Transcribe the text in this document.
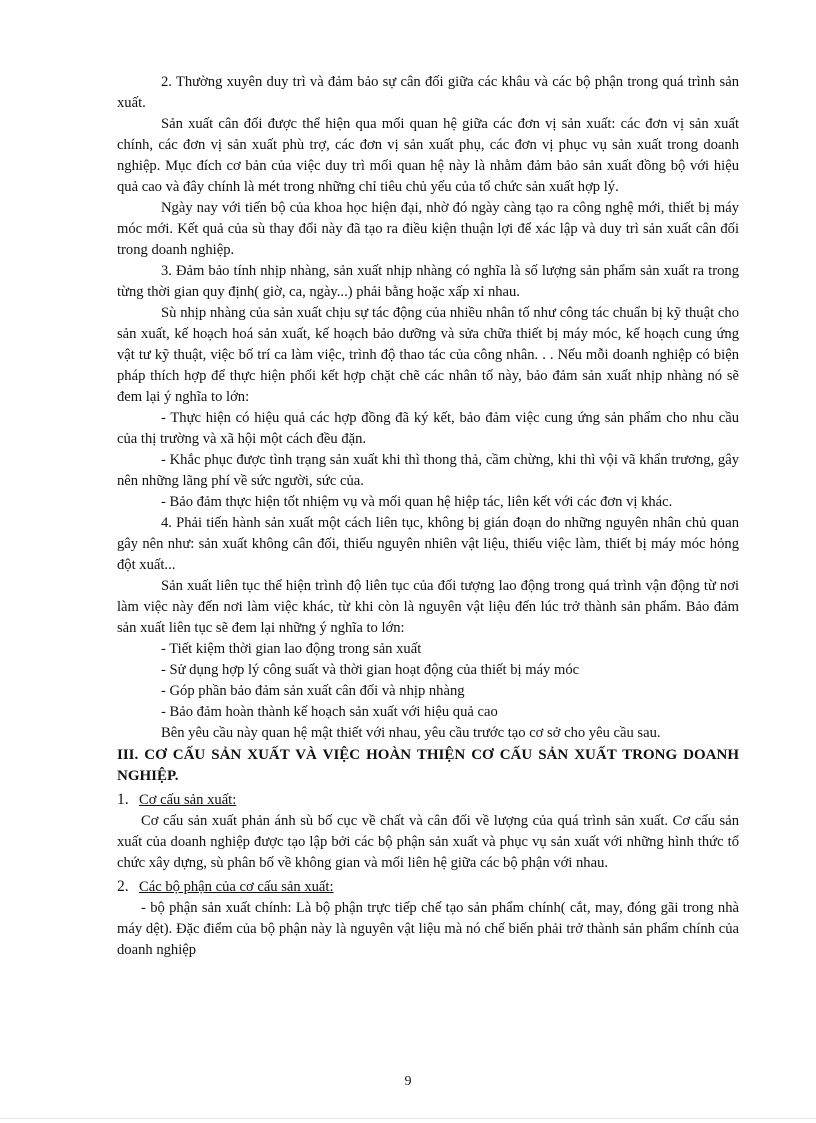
2. Thường xuyên duy trì và đảm bảo sự cân đối giữa các khâu và các bộ phận trong quá trình sản xuất.

Sản xuất cân đối được thể hiện qua mối quan hệ giữa các đơn vị sản xuất: các đơn vị sản xuất chính, các đơn vị sản xuất phù trợ, các đơn vị sản xuất phụ, các đơn vị phục vụ sản xuất trong doanh nghiệp. Mục đích cơ bản của việc duy trì mối quan hệ này là nhằm đảm bảo sản xuất đồng bộ với hiệu quả cao và đây chính là mét trong những chỉ tiêu chủ yếu của tổ chức sản xuất hợp lý.

Ngày nay với tiến bộ của khoa học hiện đại, nhờ đó ngày càng tạo ra công nghệ mới, thiết bị máy móc mới. Kết quả của sù thay đổi này đã tạo ra điều kiện thuận lợi để xác lập và duy trì sản xuất cân đối trong doanh nghiệp.

3. Đảm bảo tính nhịp nhàng, sản xuất nhịp nhàng có nghĩa là số lượng sản phẩm sản xuất ra trong từng thời gian quy định( giờ, ca, ngày...) phải bằng hoặc xấp xỉ nhau.

Sù nhịp nhàng của sản xuất chịu sự tác động của nhiều nhân tố như công tác chuẩn bị kỹ thuật cho sản xuất, kế hoạch hoá sản xuất, kế hoạch bảo dưỡng và sửa chữa thiết bị máy móc, kế hoạch cung ứng vật tư kỹ thuật, việc bố trí ca làm việc, trình độ thao tác của công nhân. . . Nếu mỗi doanh nghiệp có biện pháp thích hợp để thực hiện phối kết hợp chặt chẽ các nhân tố này, bảo đảm sản xuất nhịp nhàng nó sẽ đem lại ý nghĩa to lớn:

- Thực hiện có hiệu quả các hợp đồng đã ký kết, bảo đảm việc cung ứng sản phẩm cho nhu cầu của thị trường và xã hội một cách đều đặn.

- Khắc phục được tình trạng sản xuất khi thì thong thả, cầm chừng, khi thì vội vã khẩn trương, gây nên những lãng phí về sức người, sức của.

- Bảo đảm thực hiện tốt nhiệm vụ và mối quan hệ hiệp tác, liên kết với các đơn vị khác.

4. Phải tiến hành sản xuất một cách liên tục, không bị gián đoạn do những nguyên nhân chủ quan gây nên như: sản xuất không cân đối, thiếu nguyên nhiên vật liệu, thiếu việc làm, thiết bị máy móc hỏng đột xuất...

Sản xuất liên tục thể hiện trình độ liên tục của đối tượng lao động trong quá trình vận động từ nơi làm việc này đến nơi làm việc khác, từ khi còn là nguyên vật liệu đến lúc trở thành sản phẩm. Bảo đảm sản xuất liên tục sẽ đem lại những ý nghĩa to lớn:

- Tiết kiệm thời gian lao động trong sản xuất

- Sử dụng hợp lý công suất và thời gian hoạt động của thiết bị máy móc

- Góp phần bảo đảm sản xuất cân đối và nhịp nhàng

- Bảo đảm hoàn thành kế hoạch sản xuất với hiệu quả cao

Bên yêu cầu này quan hệ mật thiết với nhau, yêu cầu trước tạo cơ sở cho yêu cầu sau.

III. CƠ CẤU SẢN XUẤT VÀ VIỆC HOÀN THIỆN CƠ CẤU SẢN XUẤT TRONG DOANH NGHIỆP.

1. Cơ cấu sản xuất:

Cơ cấu sản xuất phản ánh sù bố cục về chất và cân đối về lượng của quá trình sản xuất. Cơ cấu sản xuất của doanh nghiệp được tạo lập bởi các bộ phận sản xuất và phục vụ sản xuất với những hình thức tổ chức xây dựng, sù phân bố về không gian và mối liên hệ giữa các bộ phận với nhau.

2. Các bộ phận của cơ cấu sản xuất:

- bộ phận sản xuất chính: Là bộ phận trực tiếp chế tạo sản phẩm chính( cắt, may, đóng gãi trong nhà máy dệt). Đặc điểm của bộ phận này là nguyên vật liệu mà nó chế biến phải trở thành sản phẩm chính của doanh nghiệp

9
